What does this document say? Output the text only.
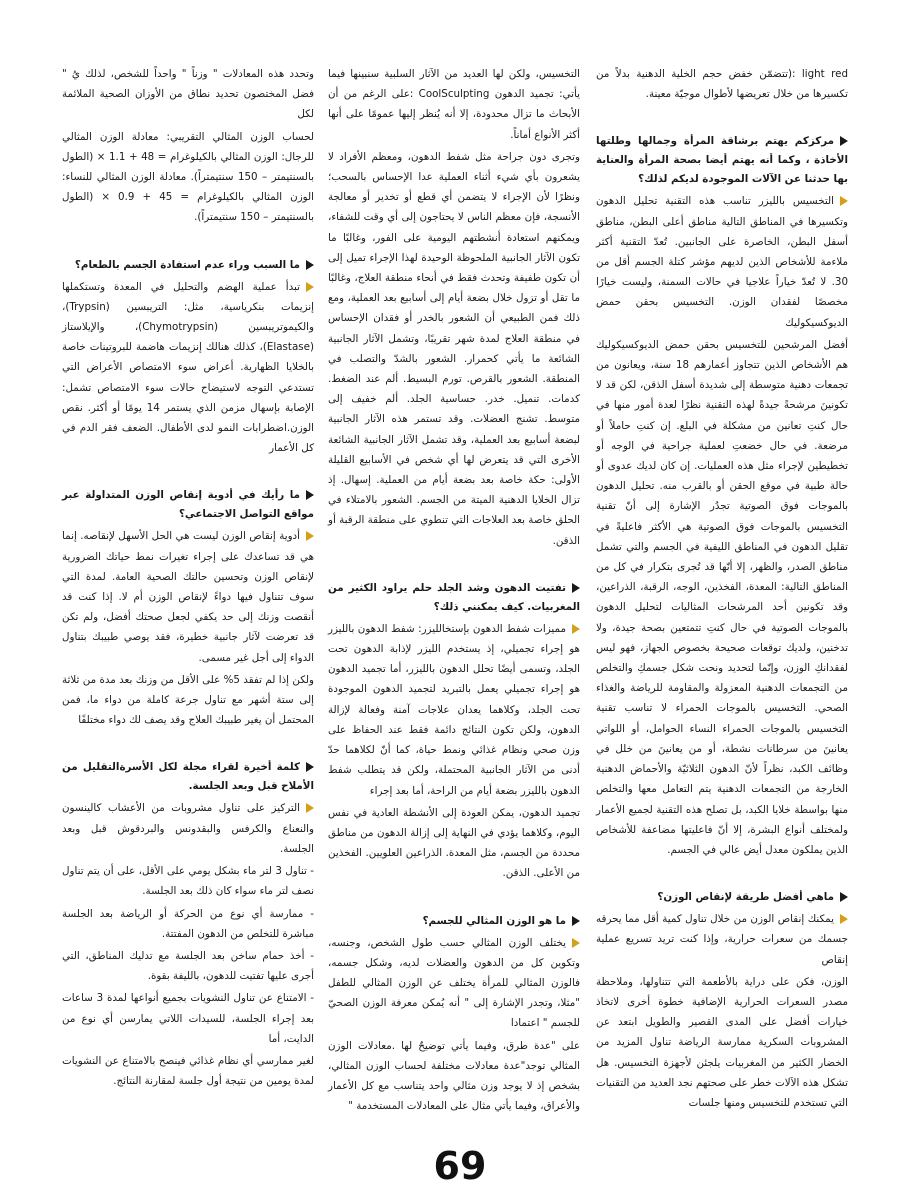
light red :(تتضمّن خفض حجم الخلية الدهنية بدلاً من تكسيرها من خلال تعريضها لأطوال موجيّة معينة.

مركزكم يهتم برشاقة المرأة وجمالها وطلتها الأخاذة ، وكما أنه يهتم أيضا بصحة المرأة والعناية بها حدثنا عن الآلات الموجودة لديكم لذلك؟

التخسيس بالليزر تناسب هذه التقنية تحليل الدهون وتكسيرها في المناطق التالية مناطق أعلى البطن، مناطق أسفل البطن، الخاصرة على الجانبين. تُعدّ التقنية أكثر ملاءمة للأشخاص الذين لديهم مؤشر كتلة الجسم أقل من 30. لا تُعدّ خياراً علاجيا في حالات السمنة، وليست خيارًا مخصصًا لفقدان الوزن. التخسيس بحقن حمض الديوكسيكوليك

أفضل المرشحين للتخسيس بحقن حمض الديوكسيكوليك هم الأشخاص الذين تتجاوز أعمارهم 18 سنة، ويعانون من تجمعات دهنية متوسطة إلى شديدة أسفل الذقن، لكن قد لا تكونينَ مرشحةً جيدةً لهذه التقنية نظرًا لعدة أمور منها في حال كنتِ تعانين من مشكلة في البلع. إن كنتِ حاملاً أو مرضعة. في حال خضعتِ لعملية جراحية في الوجه أو تخطيطين لإجراء مثل هذه العمليات. إن كان لديك عدوى أو حالة طبية في موقع الحقن أو بالقرب منه. تحليل الدهون بالموجات فوق الصوتية تجدُر الإشارة إلى أنّ تقنية التخسيس بالموجات فوق الصوتية هي الأكثر فاعليةً في تقليل الدهون في المناطق الليفية في الجسم والتي تشمل مناطق الصدر، والظهر، إلا أنّها قد تُجرى بتكرار في كل من المناطق التالية: المعدة، الفخذين، الوجه، الرقبة، الذراعين، وقد تكونين أحد المرشحات المثاليات لتحليل الدهون بالموجات الصوتية في حال كنتِ تتمتعين بصحة جيدة، ولا تدخنين، ولديك توقعات صحيحة بخصوص الجهاز، فهو ليس لفقدانكِ الوزن، وإنّما لتحديد ونحت شكل جسمكِ والتخلص من التجمعات الدهنية المعزولة والمقاومة للرياضة والغذاء الصحي. التخسيس بالموجات الحمراء لا تناسب تقنية التخسيس بالموجات الحمراء النساء الحوامل، أو اللواتي يعانينَ من سرطانات نشطة، أو من يعانينَ من خلل في وظائف الكبد، نظراً لأنّ الدهون الثلاثيّة والأحماض الدهنية الخارجة من التجمعات الدهنية يتم التعامل معها والتخلص منها بواسطة خلايا الكبد، بل تصلح هذه التقنية لجميع الأعمار ولمختلف أنواع البشرة، إلا أنّ فاعليتها مضاعفة للأشخاص الذين يملكون معدل أيض عالي في الجسم.

ماهي أفضل طريقة لإنقاص الوزن؟

يمكنك إنقاص الوزن من خلال تناول كمية أقل مما يحرقه جسمك من سعرات حرارية، وإذا كنت تريد تسريع عملية إنقاص

الوزن، فكن على دراية بالأطعمة التي تتناولها، وملاحظة مصدر السعرات الحرارية الإضافية خطوة أخرى لاتخاذ خيارات أفضل على المدى القصير والطويل ابتعد عن المشروبات السكرية ممارسة الرياضة تناول المزيد من الخضار الكثير من المغربيات يلجئن لأجهزة التخسيس. هل تشكل هذه الآلات خطر على صحتهم نجد العديد من التقنيات التي تستخدم للتخسيس ومنها جلسات

التخسيس، ولكن لها العديد من الآثار السلبية سنبينها فيما يأتي: تجميد الدهون CoolSculpting :على الرغم من أن الأبحاث ما تزال محدودة، إلا أنه يُنظر إليها عمومًا على أنها أكثر الأنواع أماناً.

وتجرى دون جراحة مثل شفط الدهون، ومعظم الأفراد لا يشعرون بأي شيء أثناء العملية عدا الإحساس بالسحب؛ ونظرًا لأن الإجراء لا يتضمن أي قطع أو تخدير أو معالجة الأنسجة، فإن معظم الناس لا يحتاجون إلى أي وقت للشفاء، ويمكنهم استعادة أنشطتهم اليومية على الفور، وغالبًا ما تكون الآثار الجانبية الملحوظة الوحيدة لهذا الإجراء تميل إلى أن تكون طفيفة وتحدث فقط في أنحاء منطقة العلاج، وغالبًا ما تقل أو تزول خلال بضعة أيام إلى أسابيع بعد العملية، ومع ذلك فمن الطبيعي أن الشعور بالخدر أو فقدان الإحساس في منطقة العلاج لمدة شهر تقريبًا، وتشمل الآثار الجانبية الشائعة ما يأتي كحمرار. الشعور بالشدّ والتصلب في المنطقة. الشعور بالقرص. تورم البسيط. ألم عند الضغط. كدمات. تنميل. خدر. حساسية الجلد. ألم خفيف إلى متوسط. تشنج العضلات. وقد تستمر هذه الآثار الجانبية لبضعة أسابيع بعد العملية، وقد تشمل الآثار الجانبية الشائعة الأخرى التي قد يتعرض لها أي شخص في الأسابيع القليلة الأولى: حكة خاصة بعد بضعة أيام من العملية. إسهال. إذ تزال الخلايا الدهنية الميتة من الجسم. الشعور بالامتلاء في الحلق خاصة بعد العلاجات التي تنطوي على منطقة الرقبة أو الذقن.

تفتيت الدهون وشد الجلد حلم يراود الكثير من المغربيات. كيف يمكنني ذلك؟

مميزات شفط الدهون بإستخالليزر: شفط الدهون بالليزر هو إجراء تجميلي، إذ يستخدم الليزر لإذابة الدهون تحت الجلد، وتسمى أيضًا تحلل الدهون بالليزر، أما تجميد الدهون هو إجراء تجميلي يعمل بالتبريد لتجميد الدهون الموجودة تحت الجلد، وكلاهما يعدان علاجات آمنة وفعالة لإزالة الدهون، ولكن تكون النتائج دائمة فقط عند الحفاظ على وزن صحي ونظام غذائي ونمط حياة، كما أنّ لكلاهما حدّ أدنى من الآثار الجانبية المحتملة، ولكن قد يتطلب شفط الدهون بالليزر بضعة أيام من الراحة، أما بعد إجراء

تجميد الدهون، يمكن العودة إلى الأنشطة العادية في نفس اليوم، وكلاهما يؤدي في النهاية إلى إزالة الدهون من مناطق محددة من الجسم، مثل المعدة. الذراعين العلويين. الفخذين من الأعلى. الذقن.

ما هو الوزن المثالي للجسم؟

يختلف الوزن المثالي حسب طول الشخص، وجنسه، وتكوين كل من الدهون والعضلات لديه، وشكل جسمه، فالوزن المثالي للمرأة يختلف عن الوزن المثالي للطفل "مثلا، وتجدر الإشارة إلى " أنه يُمكن معرفة الوزن الصحيّ للجسم " اعتمادا

على "عدة طرق، وفيما يأتي توضيحٌ لها .معادلات الوزن المثالي توجد"عدة معادلات مختلفة لحساب الوزن المثالي، بشخص إذ لا يوجد وزن مثالي واحد يتناسب مع كل الأعمار والأعراق، وفيما يأتي مثال على المعادلات المستخدمة "

وتحدد هذه المعادلات " وزناً " واحداً للشخص، لذلك يُ " فضل المختصون تحديد نطاق من الأوزان الصحية الملائمة لكل

لحساب الوزن المثالي التقريبي: معادلة الوزن المثالي للرجال: الوزن المثالي بالكيلوغرام = 48 + 1.1 × (الطول بالسنتيمتر – 150 سنتيمتراً). معادلة الوزن المثالي للنساء: الوزن المثالي بالكيلوغرام = 45 + 0.9 × (الطول بالسنتيمتر – 150 سنتيمتراً).

ما السبب وراء عدم استفادة الجسم بالطعام؟

تبدأ عملية الهضم والتحليل في المعدة وتستكملها إنزيمات بنكرياسية، مثل: التريبسين (Trypsin)، والكيموتريبسين (Chymotrypsin)، والإيلاستاز (Elastase)، كذلك هنالك إنزيمات هاضمة للبروتينات خاصة بالخلايا الظهارية. أعراض سوء الامتصاص الأعراض التي تستدعي التوجه لاستيضاح حالات سوء الامتصاص تشمل: الإصابة بإسهال مزمن الذي يستمر 14 يومًا أو أكثر. نقص الوزن.اضطرابات النمو لدى الأطفال. الضعف فقر الدم في كل الأعمار

ما رأيك في أدوية إنقاص الوزن المتداولة عبر مواقع التواصل الاجتماعي؟

أدوية إنقاص الوزن ليست هي الحل الأسهل لإنقاصه. إنما هي قد تساعدك على إجراء تغيرات نمط حياتك الضرورية لإنقاص الوزن وتحسين حالتك الصحية العامة. لمدة التي سوف تتناول فيها دواءً لإنقاص الوزن أم لا. إذا كنت قد أنقصت وزنك إلى حد يكفي لجعل صحتك أفضل، ولم تكن قد تعرضت لآثار جانبية خطيرة، فقد يوصي طبيبك بتناول الدواء إلى أجل غير مسمى.

ولكن إذا لم تفقد 5% على الأقل من وزنك بعد مدة من ثلاثة إلى ستة أشهر مع تناول جرعة كاملة من دواء ما، فمن المحتمل أن يغير طبيبك العلاج وقد يصف لك دواء مختلفًا

كلمة أخيرة لقراء مجلة لكل الأسرةالتقليل من الأملاح قبل وبعد الجلسة.

التركيز على تناول مشروبات من الأعشاب كالينسون والنعناع والكرفس والبقدونس والبردقوش قبل وبعد الجلسة.

- تناول 3 لتر ماء بشكل يومي على الأقل، على أن يتم تناول نصف لتر ماء سواء كان ذلك بعد الجلسة.

- ممارسة أي نوع من الحركة أو الرياضة بعد الجلسة مباشرة للتخلص من الدهون المفتتة.

- أخذ حمام ساخن بعد الجلسة مع تدليك المناطق، التي أجرى عليها تفتيت للدهون، بالليفة بقوة.

- الامتناع عن تناول النشويات بجميع أنواعها لمدة 3 ساعات بعد إجراء الجلسة، للسيدات اللاتي يمارسن أي نوع من الدايت، أما

لغير ممارسي أي نظام غذائي فينصح بالامتناع عن النشويات لمدة يومين من نتيجة أول جلسة لمقارنة النتائج.

69
